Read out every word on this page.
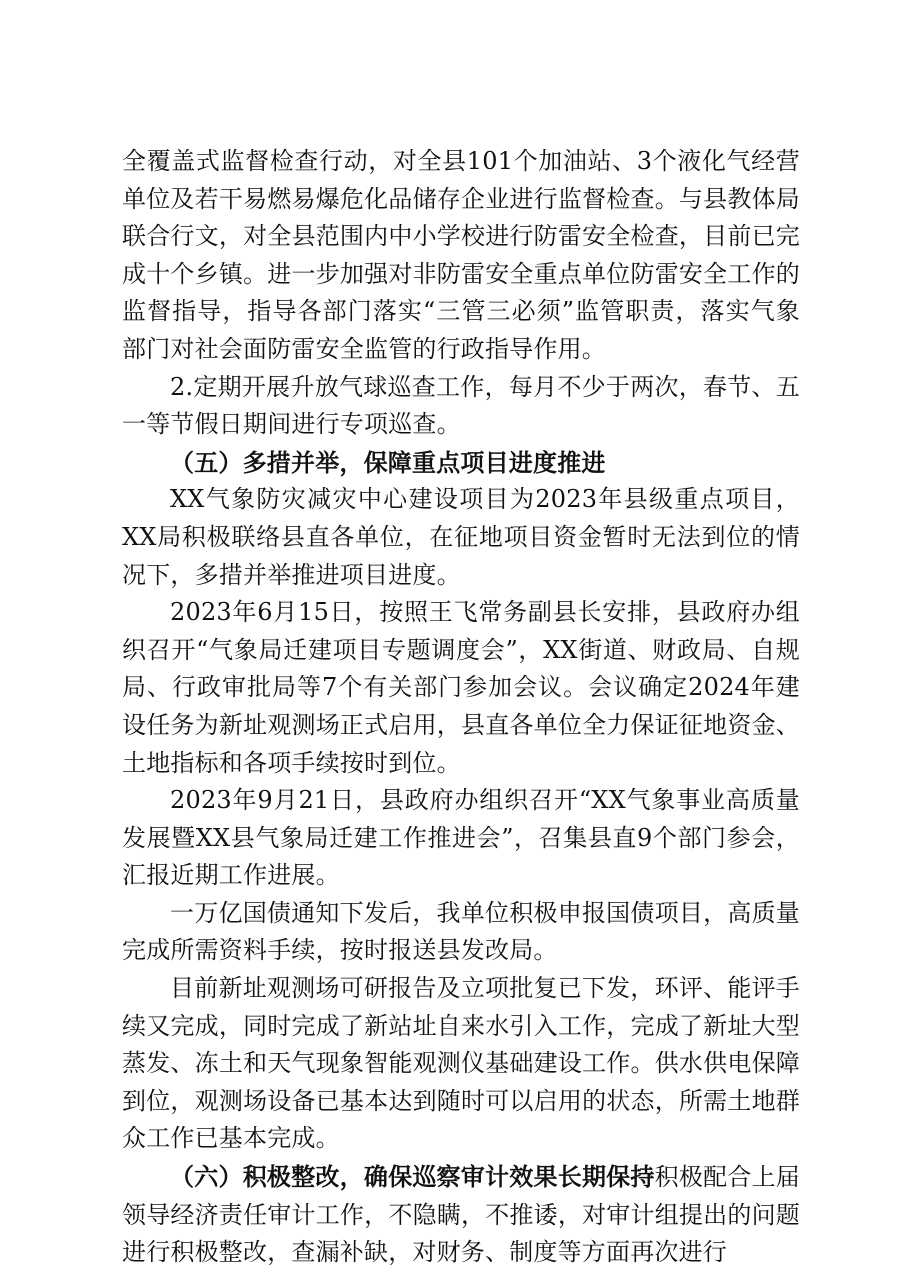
全覆盖式监督检查行动，对全县101个加油站、3个液化气经营单位及若干易燃易爆危化品储存企业进行监督检查。与县教体局联合行文，对全县范围内中小学校进行防雷安全检查，目前已完成十个乡镇。进一步加强对非防雷安全重点单位防雷安全工作的监督指导，指导各部门落实“三管三必须”监管职责，落实气象部门对社会面防雷安全监管的行政指导作用。

2.定期开展升放气球巡查工作，每月不少于两次，春节、五一等节假日期间进行专项巡查。

（五）多措并举，保障重点项目进度推进

XX气象防灾减灾中心建设项目为2023年县级重点项目，XX局积极联络县直各单位，在征地项目资金暂时无法到位的情况下，多措并举推进项目进度。

2023年6月15日，按照王飞常务副县长安排，县政府办组织召开“气象局迁建项目专题调度会”，XX街道、财政局、自规局、行政审批局等7个有关部门参加会议。会议确定2024年建设任务为新址观测场正式启用，县直各单位全力保证征地资金、土地指标和各项手续按时到位。

2023年9月21日，县政府办组织召开“XX气象事业高质量发展暨XX县气象局迁建工作推进会”，召集县直9个部门参会，汇报近期工作进展。

一万亿国债通知下发后，我单位积极申报国债项目，高质量完成所需资料手续，按时报送县发改局。

目前新址观测场可研报告及立项批复已下发，环评、能评手续又完成，同时完成了新站址自来水引入工作，完成了新址大型蒸发、冻土和天气现象智能观测仪基础建设工作。供水供电保障到位，观测场设备已基本达到随时可以启用的状态，所需土地群众工作已基本完成。

（六）积极整改，确保巡察审计效果长期保持积极配合上届领导经济责任审计工作，不隐瞒，不推诿，对审计组提出的问题进行积极整改，查漏补缺，对财务、制度等方面再次进行
